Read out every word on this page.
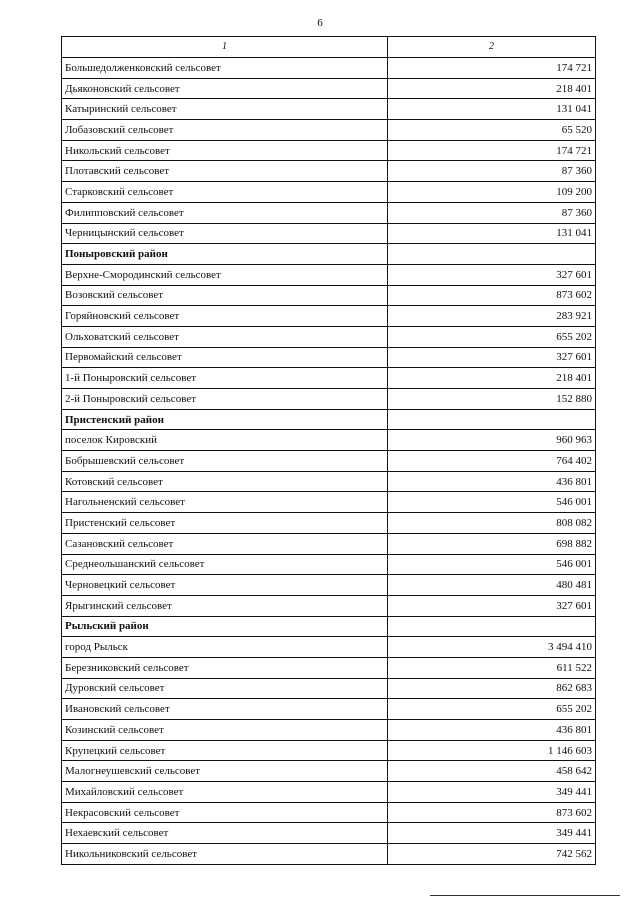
6
1	2
Большедолженковский сельсовет	174 721
Дьяконовский сельсовет	218 401
Катыринский сельсовет	131 041
Лобазовский сельсовет	65 520
Никольский сельсовет	174 721
Плотавский сельсовет	87 360
Старковский сельсовет	109 200
Филипповский сельсовет	87 360
Черницынский сельсовет	131 041
Поныровский район	
Верхне-Смородинский сельсовет	327 601
Возовский сельсовет	873 602
Горяйновский сельсовет	283 921
Ольховатский сельсовет	655 202
Первомайский сельсовет	327 601
1-й Поныровский сельсовет	218 401
2-й Поныровский сельсовет	152 880
Пристенский район	
поселок Кировский	960 963
Бобрышевский сельсовет	764 402
Котовский сельсовет	436 801
Нагольненский сельсовет	546 001
Пристенский сельсовет	808 082
Сазановский сельсовет	698 882
Среднеольшанский сельсовет	546 001
Черновецкий сельсовет	480 481
Ярыгинский сельсовет	327 601
Рыльский район	
город Рыльск	3 494 410
Березниковский сельсовет	611 522
Дуровский сельсовет	862 683
Ивановский сельсовет	655 202
Козинский сельсовет	436 801
Крупецкий сельсовет	1 146 603
Малогнеушевский сельсовет	458 642
Михайловский сельсовет	349 441
Некрасовский сельсовет	873 602
Нехаевский сельсовет	349 441
Никольниковский сельсовет	742 562
